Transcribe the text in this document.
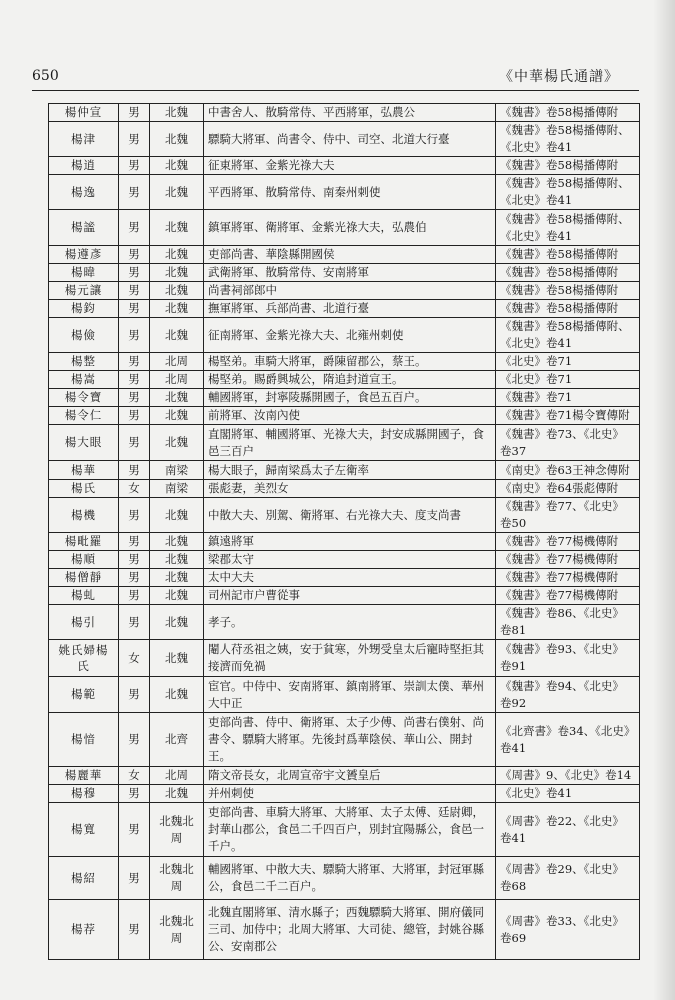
650	《中華楊氏通譜》
楊仲宣	男	北魏	中書舍人、散騎常侍、平西將軍，弘農公	《魏書》卷58楊播傳附
楊津	男	北魏	驃騎大將軍、尚書令、侍中、司空、北道大行臺	《魏書》卷58楊播傳附、《北史》卷41
楊逍	男	北魏	征東將軍、金紫光祿大夫	《魏書》卷58楊播傳附
楊逸	男	北魏	平西將軍、散騎常侍、南秦州刺使	《魏書》卷58楊播傳附、《北史》卷41
楊謐	男	北魏	鎮軍將軍、衛將軍、金紫光祿大夫，弘農伯	《魏書》卷58楊播傳附、《北史》卷41
楊遵彥	男	北魏	吏部尚書、華陰縣開國侯	《魏書》卷58楊播傳附
楊暐	男	北魏	武衛將軍、散騎常侍、安南將軍	《魏書》卷58楊播傳附
楊元讓	男	北魏	尚書祠部郎中	《魏書》卷58楊播傳附
楊鈞	男	北魏	撫軍將軍、兵部尚書、北道行臺	《魏書》卷58楊播傳附
楊儉	男	北魏	征南將軍、金紫光祿大夫、北雍州刺使	《魏書》卷58楊播傳附、《北史》卷41
楊整	男	北周	楊堅弟。車騎大將軍，爵陳留郡公，蔡王。	《北史》卷71
楊嵩	男	北周	楊堅弟。賜爵興城公，隋追封道宣王。	《北史》卷71
楊令寶	男	北魏	輔國將軍，封寧陵縣開國子，食邑五百户。	《魏書》卷71
楊令仁	男	北魏	前將軍、汝南內使	《魏書》卷71楊令寶傳附
楊大眼	男	北魏	直閣將軍、輔國將軍、光祿大夫，封安成縣開國子，食邑三百户	《魏書》卷73、《北史》卷37
楊華	男	南梁	楊大眼子，歸南梁爲太子左衛率	《南史》卷63王神念傳附
楊氏	女	南梁	張彪妻，美烈女	《南史》卷64張彪傳附
楊機	男	北魏	中散大夫、別駕、衛將軍、右光祿大夫、度支尚書	《魏書》卷77、《北史》卷50
楊毗羅	男	北魏	鎮遠將軍	《魏書》卷77楊機傳附
楊順	男	北魏	梁郡太守	《魏書》卷77楊機傳附
楊僧靜	男	北魏	太中大夫	《魏書》卷77楊機傳附
楊虬	男	北魏	司州記市户曹從事	《魏書》卷77楊機傳附
楊引	男	北魏	孝子。	《魏書》卷86、《北史》卷81
姚氏婦楊氏	女	北魏	閹人苻丞祖之姨，安于貧寒，外甥受皇太后寵時堅拒其接濟而免禍	《魏書》卷93、《北史》卷91
楊範	男	北魏	宦官。中侍中、安南將軍、鎮南將軍、崇訓太僕、華州大中正	《魏書》卷94、《北史》卷92
楊愔	男	北齊	吏部尚書、侍中、衛將軍、太子少傅、尚書右僕射、尚書令、驃騎大將軍。先後封爲華陰侯、華山公、開封王。	《北齊書》卷34、《北史》卷41
楊麗華	女	北周	隋文帝長女，北周宣帝宇文贇皇后	《周書》9、《北史》卷14
楊穆	男	北魏	并州刺使	《北史》卷41
楊寬	男	北魏北周	吏部尚書、車騎大將軍、大將軍、太子太傅、廷尉卿，封華山郡公，食邑二千四百户，別封宜陽縣公，食邑一千户。	《周書》卷22、《北史》卷41
楊紹	男	北魏北周	輔國將軍、中散大夫、驃騎大將軍、大將軍，封冠軍縣公，食邑二千二百户。	《周書》卷29、《北史》卷68
楊荐	男	北魏北周	北魏直閣將軍、清水縣子；西魏驃騎大將軍、開府儀同三司、加侍中；北周大將軍、大司徒、總管，封姚谷縣公、安南郡公	《周書》卷33、《北史》卷69
